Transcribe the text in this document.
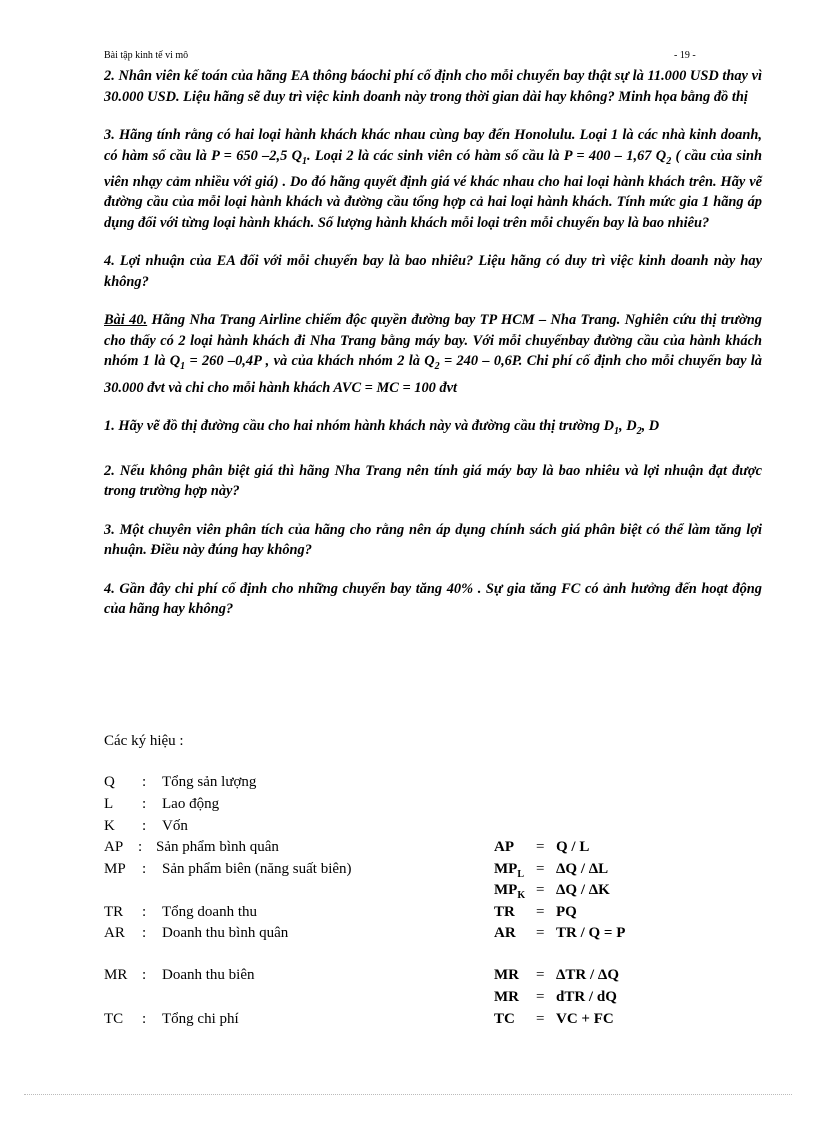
Bài tập kinh tế vi mô	- 19 -

2. Nhân viên kế toán của hãng EA thông báochi phí cố định cho mỗi chuyến bay thật sự là 11.000 USD thay vì 30.000 USD. Liệu hãng sẽ duy trì việc kinh doanh này trong thời gian dài hay không? Minh họa bằng đồ thị

3. Hãng tính rằng có hai loại hành khách khác nhau cùng bay đến Honolulu. Loại 1 là các nhà kinh doanh, có hàm số cầu là P = 650 –2,5 $Q_1$. Loại 2 là các sinh viên có hàm số cầu là P = 400 – 1,67 $Q_2$ ( cầu của sinh viên nhạy cảm nhiều với giá) . Do đó hãng quyết định giá vé khác nhau cho hai loại hành khách trên. Hãy vẽ đường cầu của mỗi loại hành khách và đường cầu tổng hợp cả hai loại hành khách. Tính mức gia 1 hãng áp dụng đối với từng loại hành khách. Số lượng hành khách mỗi loại trên mỗi chuyến bay là bao nhiêu?

4. Lợi nhuận của EA đối với mỗi chuyến bay là bao nhiêu? Liệu hãng có duy trì việc kinh doanh này hay không?

Bài 40. Hãng Nha Trang Airline chiếm độc quyền đường bay TP HCM – Nha Trang. Nghiên cứu thị trường cho thấy có 2 loại hành khách đi Nha Trang bằng máy bay. Với mỗi chuyếnbay đường cầu của hành khách nhóm 1 là $Q_1 = 260$ –0,4P , và của khách nhóm 2 là $Q_2 = 240 - 0,6P$. Chi phí cố định cho mỗi chuyến bay là 30.000 đvt và chi cho mỗi hành khách AVC = MC = 100 đvt

1. Hãy vẽ đồ thị đường cầu cho hai nhóm hành khách này và đường cầu thị trường $D_1$, $D_2$, D

2. Nếu không phân biệt giá thì hãng Nha Trang nên tính giá máy bay là bao nhiêu và lợi nhuận đạt được trong trường hợp này?

3. Một chuyên viên phân tích của hãng cho rằng nên áp dụng chính sách giá phân biệt có thể làm tăng lợi nhuận. Điều này đúng hay không?

4. Gần đây chi phí cố định cho những chuyến bay tăng 40% . Sự gia tăng FC có ảnh hưởng đến hoạt động của hãng hay không?

Các ký hiệu :
Q : Tổng sản lượng
L : Lao động
K : Vốn
AP : Sản phẩm bình quân	AP = Q / L
MP : Sản phẩm biên (năng suất biên)	$MP_L = \Delta Q / \Delta L$
$MP_K = \Delta Q / \Delta K$
TR : Tổng doanh thu	TR = PQ
AR : Doanh thu bình quân	AR = TR / Q = P
MR : Doanh thu biên	MR = ΔTR / ΔQ
MR = dTR / dQ
TC : Tổng chi phí	TC = VC + FC
